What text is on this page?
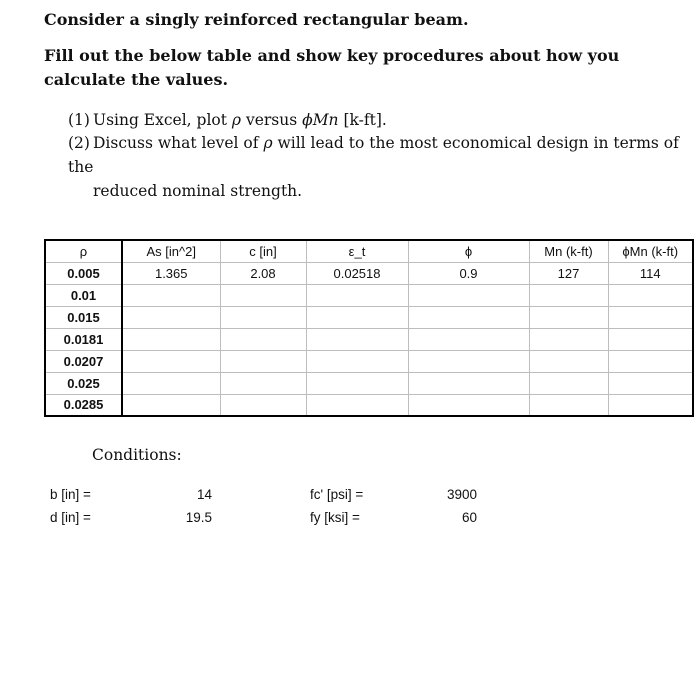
Consider a singly reinforced rectangular beam.
Fill out the below table and show key procedures about how you calculate the values.
(1) Using Excel, plot ρ versus ϕMn [k-ft].
(2) Discuss what level of ρ will lead to the most economical design in terms of the
reduced nominal strength.
ρ	As [in^2]	c [in]	ε_t	ϕ	Mn (k-ft)	ϕMn (k-ft)
0.005	1.365	2.08	0.02518	0.9	127	114
0.01						
0.015						
0.0181						
0.0207						
0.025						
0.0285						
Conditions:
b [in] =	14
d [in] =	19.5
fc' [psi] =	3900
fy [ksi] =	60
